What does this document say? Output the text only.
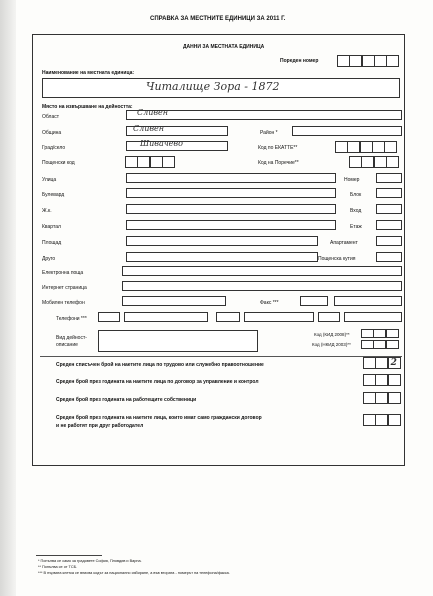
СПРАВКА ЗА МЕСТНИТЕ ЕДИНИЦИ ЗА 2011 Г.
ДАННИ ЗА МЕСТНАТА ЕДИНИЦА
Пореден номер
Наименование на местната единица:
Читалище Зора - 1872
Място на извършване на дейността:
Област	Сливен
Община	Сливен	Район *
Град/село	Шивачево	Код по ЕКАТТЕ**
Пощенски код	Код на Поречие**
Улица	Номер
Булевард	Блок
Ж.к.	Вход
Квартал	Етаж
Площад	Апартамент
Друго	Пощенска кутия
Електронна поща
Интернет страница
Мобилен телефон	Факс ***
Телефони ***
Вид дейност-
описание
Код (КИД 2008)**
Код (НКИД 2003)**
Среден списъчен брой на наетите лица по трудово или служебно правоотношение	2
Среден брой през годината на наетите лица по договор за управление и контрол
Среден брой през годината на работещите собственици
Среден брой през годината на наетите лица, които имат само граждански договор
и не работят при друг работодател
* Попълва се само за градовете София, Пловдив и Варна.
** Попълва се от ТСБ.
*** В първата клетка се вписва кодът за национално избиране, а във втората - номерът на телефона/факса.
